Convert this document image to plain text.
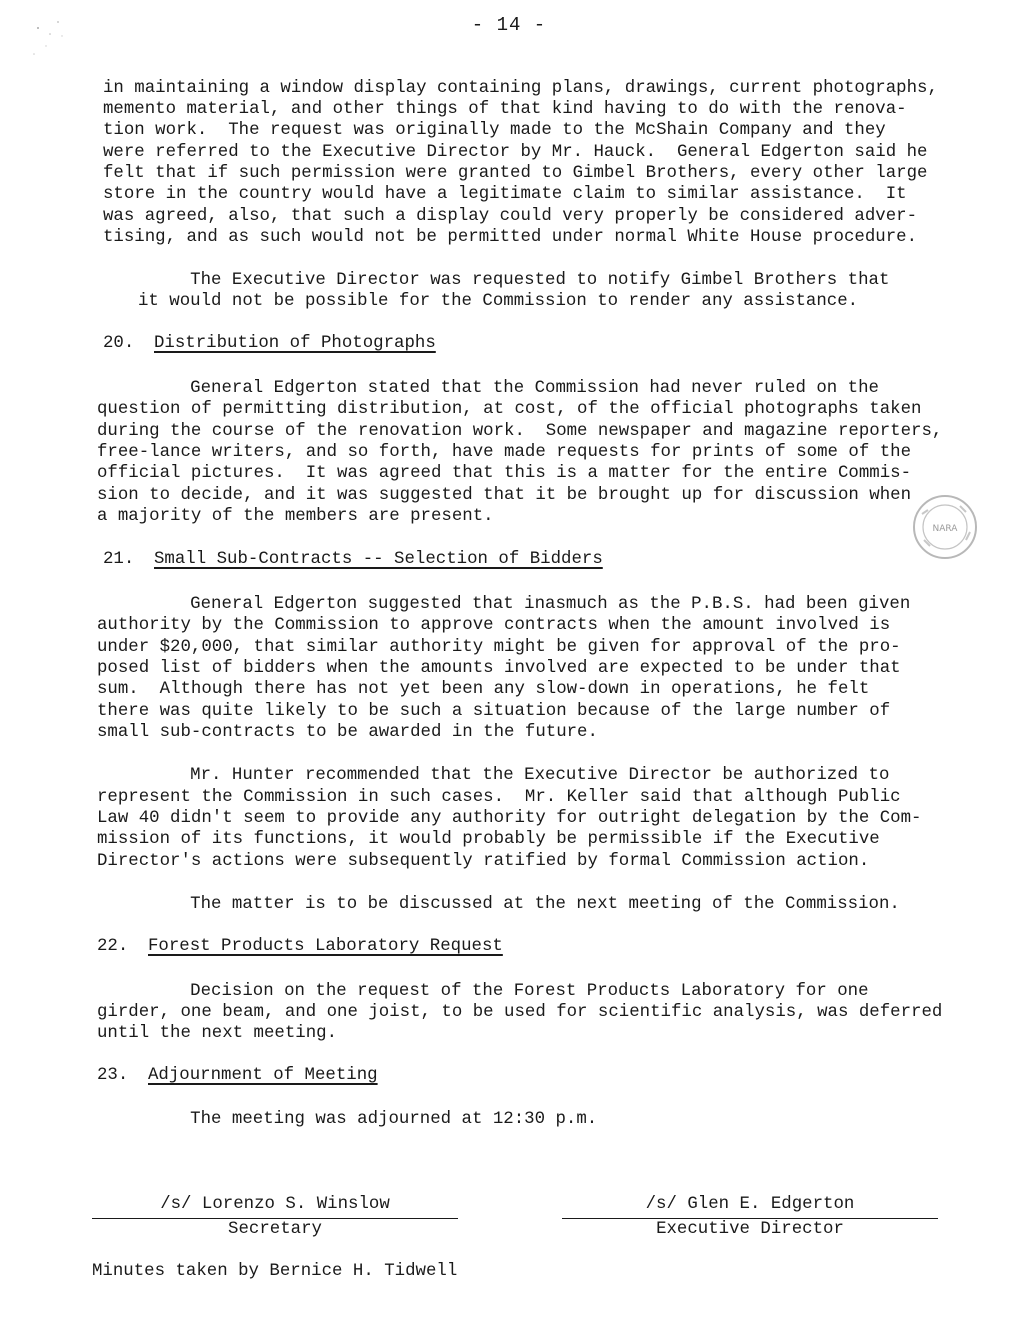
- 14 -
in maintaining a window display containing plans, drawings, current photographs,
memento material, and other things of that kind having to do with the renova-
tion work.  The request was originally made to the McShain Company and they
were referred to the Executive Director by Mr. Hauck.  General Edgerton said he
felt that if such permission were granted to Gimbel Brothers, every other large
store in the country would have a legitimate claim to similar assistance.  It
was agreed, also, that such a display could very properly be considered adver-
tising, and as such would not be permitted under normal White House procedure.
The Executive Director was requested to notify Gimbel Brothers that
it would not be possible for the Commission to render any assistance.
20. Distribution of Photographs
General Edgerton stated that the Commission had never ruled on the
question of permitting distribution, at cost, of the official photographs taken
during the course of the renovation work.  Some newspaper and magazine reporters,
free-lance writers, and so forth, have made requests for prints of some of the
official pictures.  It was agreed that this is a matter for the entire Commis-
sion to decide, and it was suggested that it be brought up for discussion when
a majority of the members are present.
21. Small Sub-Contracts -- Selection of Bidders
General Edgerton suggested that inasmuch as the P.B.S. had been given
authority by the Commission to approve contracts when the amount involved is
under $20,000, that similar authority might be given for approval of the pro-
posed list of bidders when the amounts involved are expected to be under that
sum.  Although there has not yet been any slow-down in operations, he felt
there was quite likely to be such a situation because of the large number of
small sub-contracts to be awarded in the future.
Mr. Hunter recommended that the Executive Director be authorized to
represent the Commission in such cases.  Mr. Keller said that although Public
Law 40 didn't seem to provide any authority for outright delegation by the Com-
mission of its functions, it would probably be permissible if the Executive
Director's actions were subsequently ratified by formal Commission action.
The matter is to be discussed at the next meeting of the Commission.
22. Forest Products Laboratory Request
Decision on the request of the Forest Products Laboratory for one
girder, one beam, and one joist, to be used for scientific analysis, was deferred
until the next meeting.
23. Adjournment of Meeting
The meeting was adjourned at 12:30 p.m.
/s/ Lorenzo S. Winslow
Secretary
/s/ Glen E. Edgerton
Executive Director
Minutes taken by Bernice H. Tidwell
NARA
